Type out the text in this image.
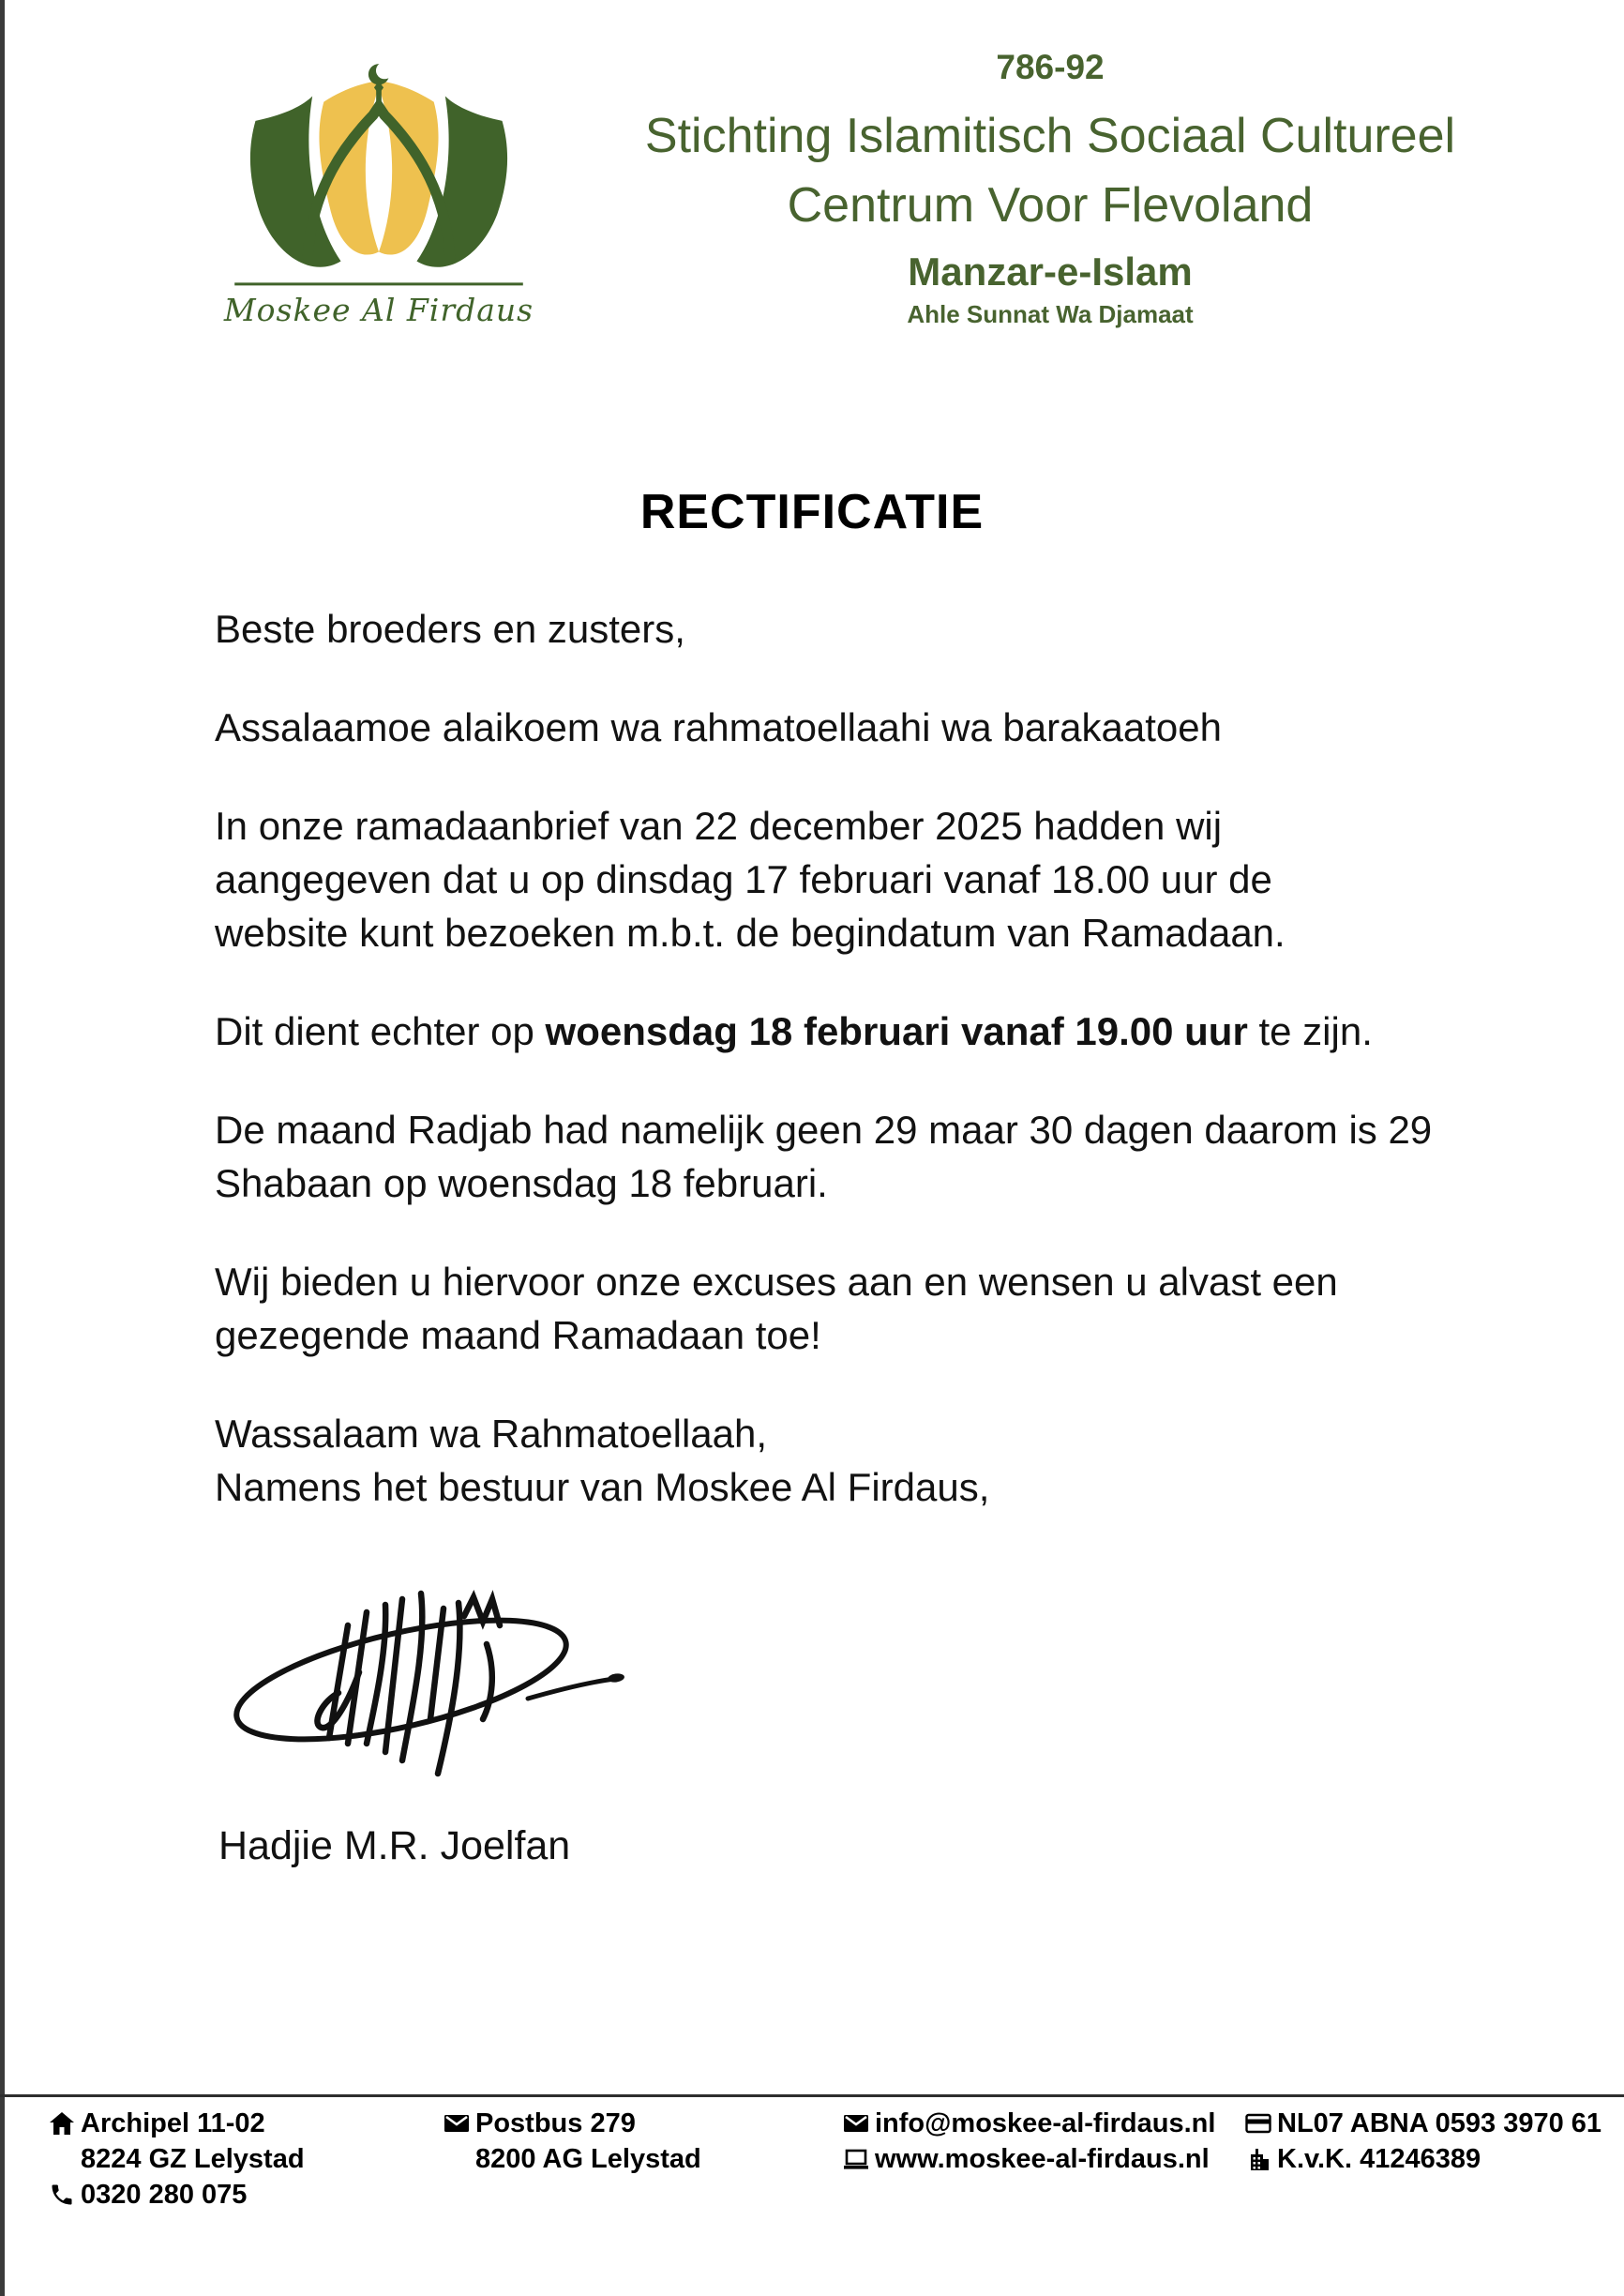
Moskee Al Firdaus
786-92
Stichting Islamitisch Sociaal Cultureel
Centrum Voor Flevoland
Manzar-e-Islam
Ahle Sunnat Wa Djamaat
RECTIFICATIE
Beste broeders en zusters,
Assalaamoe alaikoem wa rahmatoellaahi wa barakaatoeh
In onze ramadaanbrief van 22 december 2025 hadden wij
aangegeven dat u op dinsdag 17 februari vanaf 18.00 uur de
website kunt bezoeken m.b.t. de begindatum van Ramadaan.
Dit dient echter op woensdag 18 februari vanaf 19.00 uur te zijn.
De maand Radjab had namelijk geen 29 maar 30 dagen daarom is 29
Shabaan op woensdag 18 februari.
Wij bieden u hiervoor onze excuses aan en wensen u alvast een
gezegende maand Ramadaan toe!
Wassalaam wa Rahmatoellaah,
Namens het bestuur van Moskee Al Firdaus,
Hadjie M.R. Joelfan
Archipel 11-02
8224 GZ Lelystad
0320 280 075
Postbus 279
8200 AG Lelystad
info@moskee-al-firdaus.nl
www.moskee-al-firdaus.nl
NL07 ABNA 0593 3970 61
K.v.K. 41246389
